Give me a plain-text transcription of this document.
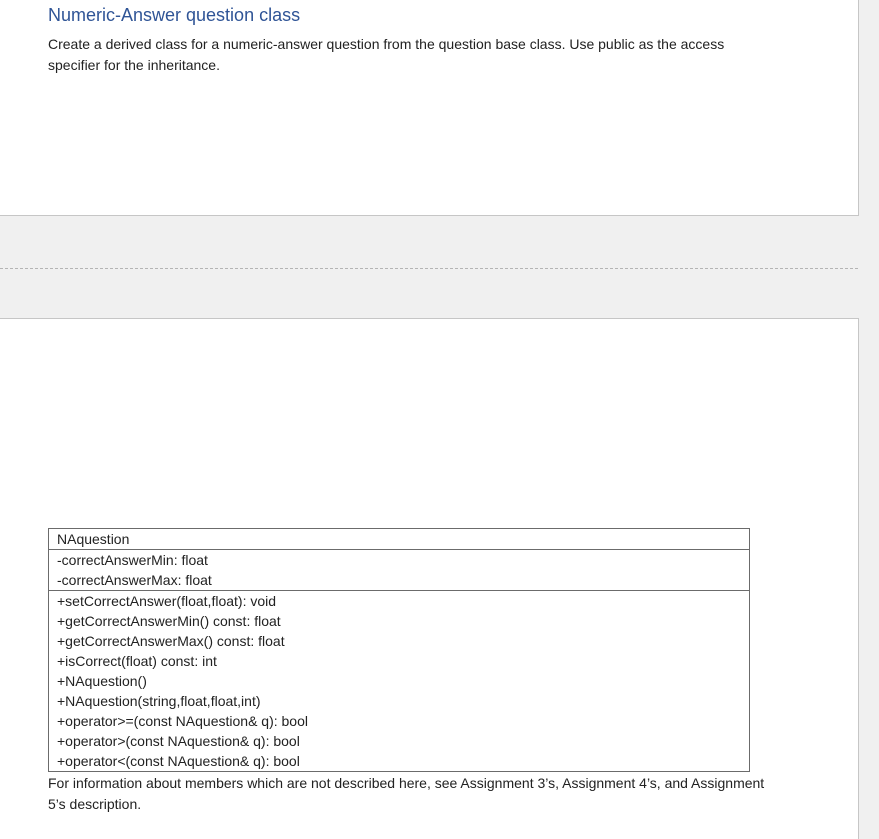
Numeric-Answer question class

Create a derived class for a numeric-answer question from the question base class. Use public as the access specifier for the inheritance.

NAquestion
-correctAnswerMin: float
-correctAnswerMax: float
+setCorrectAnswer(float,float): void
+getCorrectAnswerMin() const: float
+getCorrectAnswerMax() const: float
+isCorrect(float) const: int
+NAquestion()
+NAquestion(string,float,float,int)
+operator>=(const NAquestion& q): bool
+operator>(const NAquestion& q): bool
+operator<(const NAquestion& q): bool

For information about members which are not described here, see Assignment 3’s, Assignment 4’s, and Assignment 5’s description.
